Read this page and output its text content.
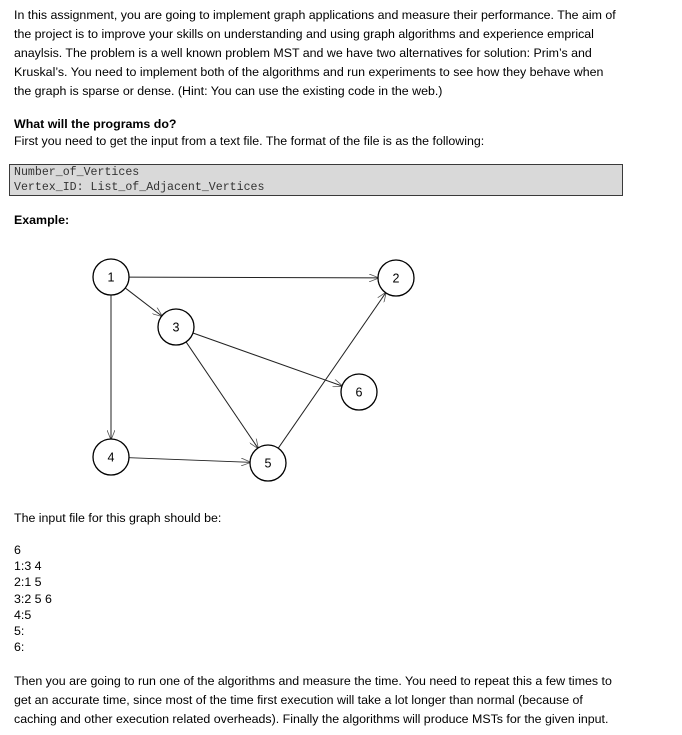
In this assignment, you are going to implement graph applications and measure their performance. The aim of the project is to improve your skills on understanding and using graph algorithms and experience emprical anaylsis. The problem is a well known problem MST and we have two alternatives for solution: Prim’s and Kruskal’s. You need to implement both of the algorithms and run experiments to see how they behave when the graph is sparse or dense. (Hint: You can use the existing code in the web.)
What will the programs do?
First you need to get the input from a text file. The format of the file is as the following:
Number_of_Vertices
Vertex_ID: List_of_Adjacent_Vertices
Example:
1	2
3
4	5
6
The input file for this graph should be:
6
1:3 4
2:1 5
3:2 5 6
4:5
5:
6:
Then you are going to run one of the algorithms and measure the time. You need to repeat this a few times to get an accurate time, since most of the time first execution will take a lot longer than normal (because of caching and other execution related overheads). Finally the algorithms will produce MSTs for the given input.
